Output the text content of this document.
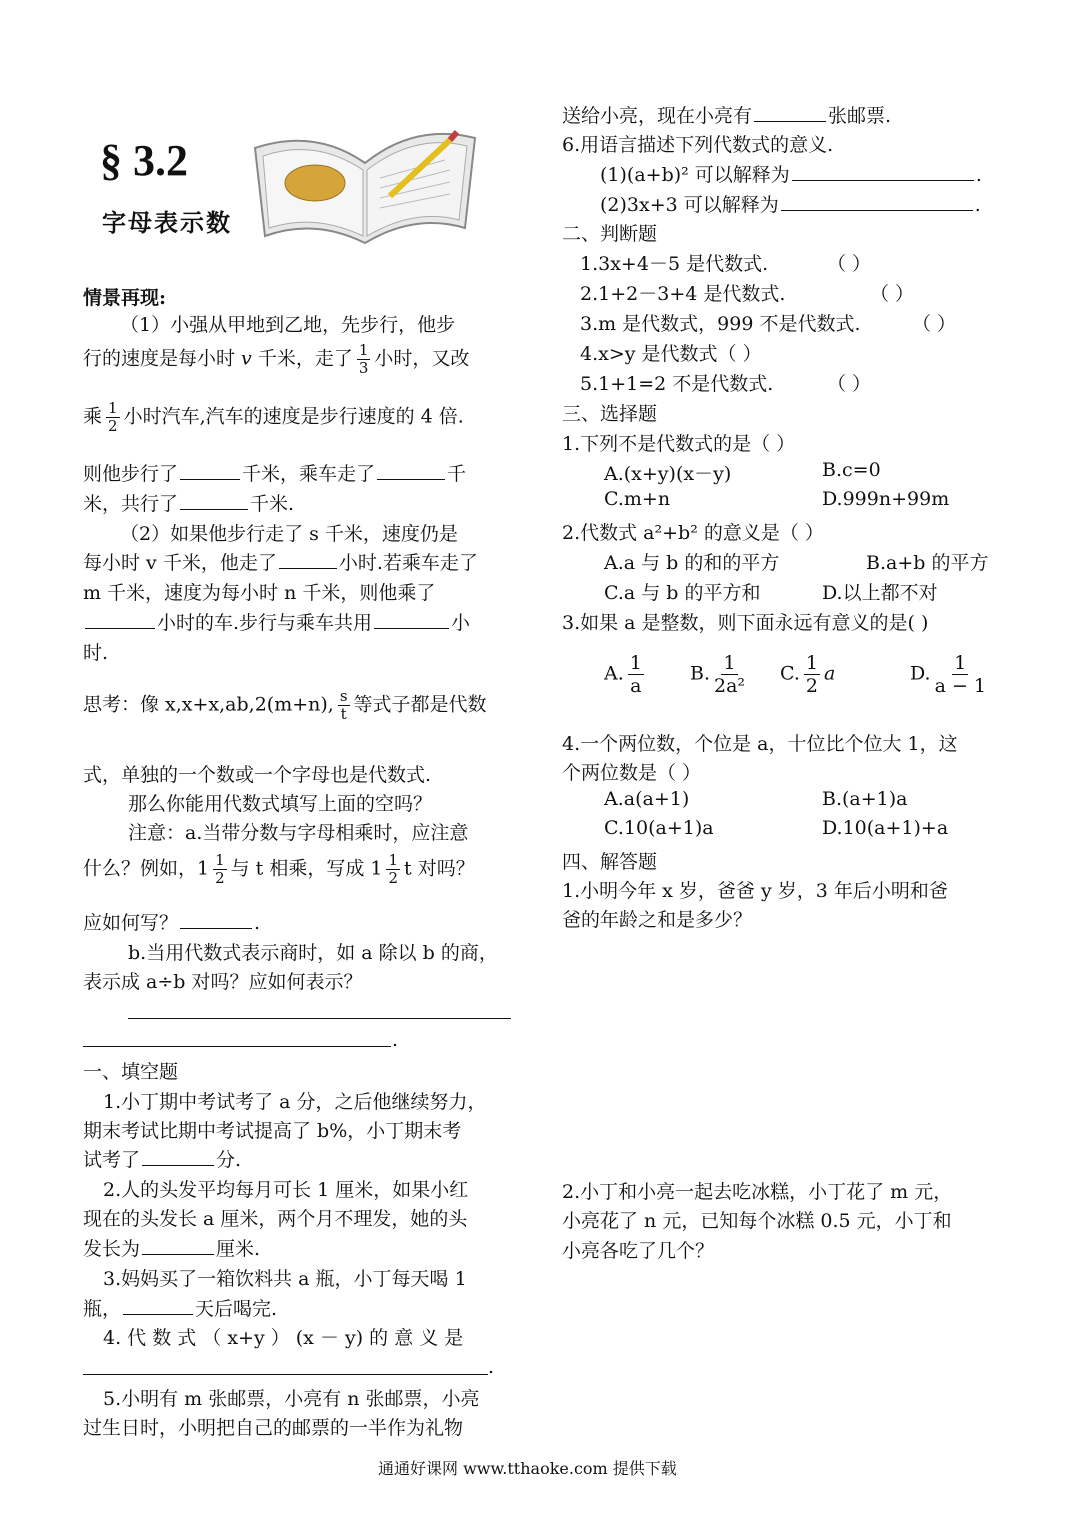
§ 3.2
字母表示数
情景再现:
（1）小强从甲地到乙地，先步行，他步
行的速度是每小时 v 千米，走了 $\frac{1}{3}$ 小时，又改
乘 $\frac{1}{2}$ 小时汽车,汽车的速度是步行速度的 4 倍.
则他步行了	千米，乘车走了	千
米，共行了	千米.
（2）如果他步行走了 s 千米，速度仍是
每小时 v 千米，他走了	小时.若乘车走了
m 千米，速度为每小时 n 千米，则他乘了
小时的车.步行与乘车共用	小
时.
思考：像 x,x+x,ab,2(m+n), $\frac{s}{t}$ 等式子都是代数
式，单独的一个数或一个字母也是代数式.
那么你能用代数式填写上面的空吗？
注意：a.当带分数与字母相乘时，应注意
什么？例如，$1 \frac{1}{2}$ 与 t 相乘，写成 $1 \frac{1}{2}$ t 对吗？
应如何写？	.
b.当用代数式表示商时，如 a 除以 b 的商，
表示成 a÷b 对吗？应如何表示？
.
一、填空题
1.小丁期中考试考了 a 分，之后他继续努力，
期末考试比期中考试提高了 b%，小丁期末考
试考了	分.
2.人的头发平均每月可长 1 厘米，如果小红
现在的头发长 a 厘米，两个月不理发，她的头
发长为	厘米.
3.妈妈买了一箱饮料共 a 瓶，小丁每天喝 1
瓶，	天后喝完.
4. 代 数 式 （ x+y ） (x － y) 的 意 义 是
.
5.小明有 m 张邮票，小亮有 n 张邮票，小亮
过生日时，小明把自己的邮票的一半作为礼物
送给小亮，现在小亮有	张邮票.
6.用语言描述下列代数式的意义.
(1)(a+b)² 可以解释为	.
(2)3x+3 可以解释为	.
二、判断题
1.3x+4－5 是代数式.	（ ）
2.1+2－3+4 是代数式.	（ ）
3.m 是代数式，999 不是代数式.	（ ）
4.x>y 是代数式（ ）
5.1+1=2 不是代数式.	（ ）
三、选择题
1.下列不是代数式的是（ ）
A.(x+y)(x－y)	B.c=0
C.m+n	D.999n+99m
2.代数式 a²+b² 的意义是（ ）
A.a 与 b 的和的平方	B.a+b 的平方
C.a 与 b 的平方和	D.以上都不对
3.如果 a 是整数，则下面永远有意义的是( )
A. $\frac{1}{a} B$. $\frac{1}{\text{2a²}} C$. $\frac{1}{2}$ a	D. $\frac{1}{a - 1}$
4.一个两位数，个位是 a，十位比个位大 1，这
个两位数是（ ）
A.a(a+1)	B.(a+1)a
C.10(a+1)a	D.10(a+1)+a
四、解答题
1.小明今年 x 岁，爸爸 y 岁，3 年后小明和爸
爸的年龄之和是多少？
2.小丁和小亮一起去吃冰糕，小丁花了 m 元，
小亮花了 n 元，已知每个冰糕 0.5 元，小丁和
小亮各吃了几个？
通通好课网 www.tthaoke.com 提供下载
